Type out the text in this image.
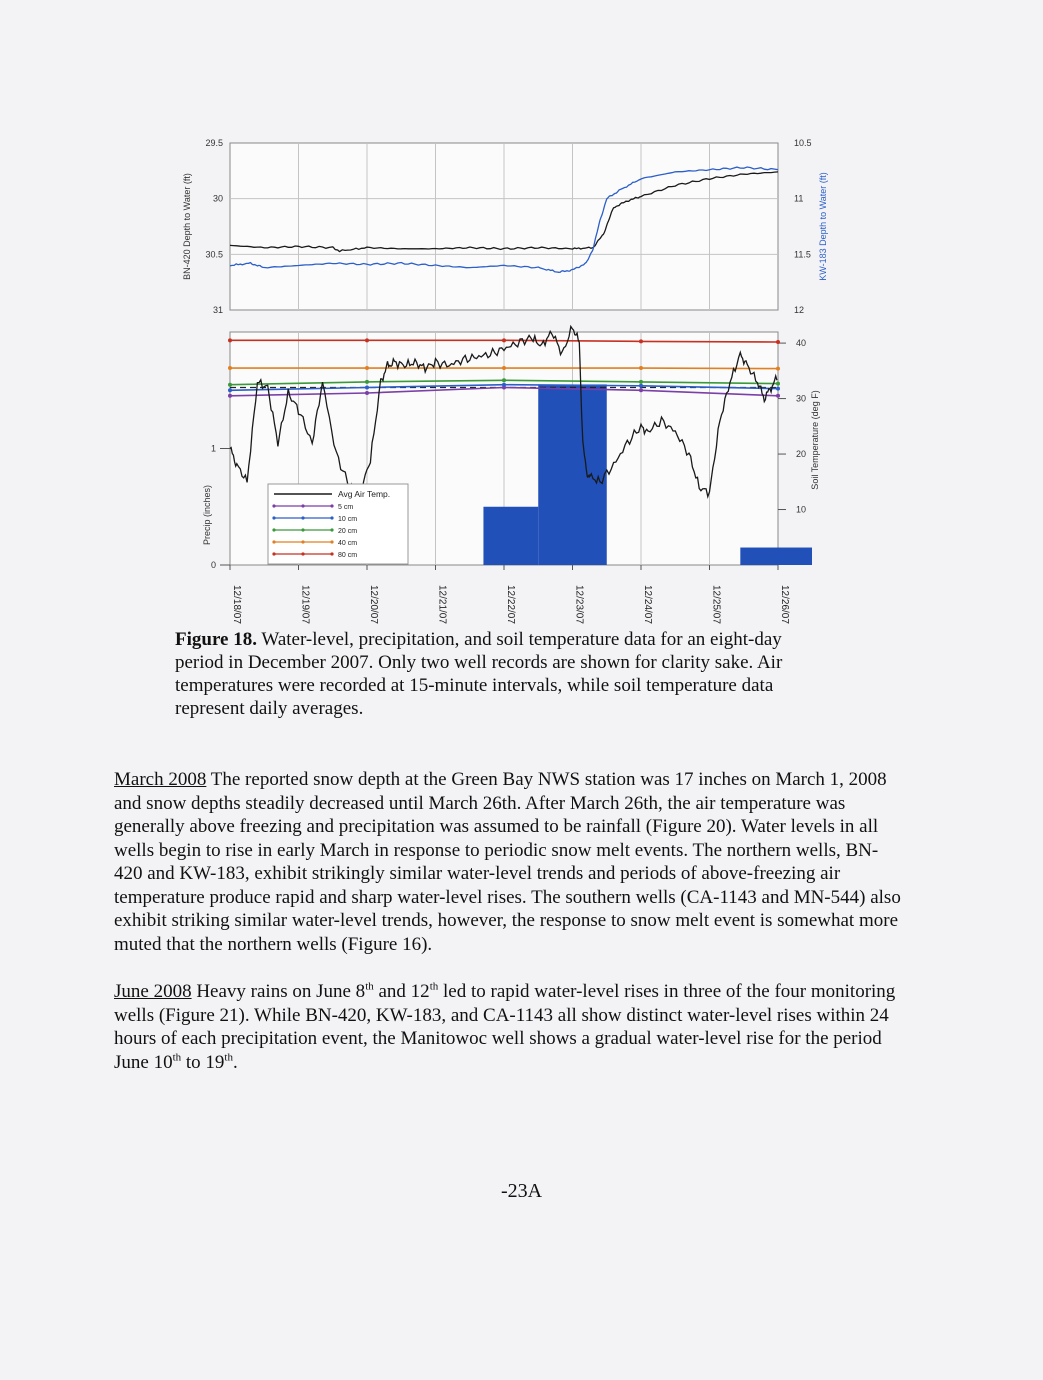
29.5
30
30.5
31
10.5
11
11.5
12
BN-420 Depth to Water (ft)	KW-183 Depth to Water (ft)
0
1
10
20
30
40
Precip (inches)
Soil Temperature (deg F)
Avg Air Temp.
5 cm
10 cm
20 cm
40 cm
80 cm
12/18/07	12/19/07	12/20/07	12/21/07	12/22/07	12/23/07	12/24/07	12/25/07	12/26/07
Figure 18. Water-level, precipitation, and soil temperature data for an eight-day period in December 2007. Only two well records are shown for clarity sake. Air temperatures were recorded at 15-minute intervals, while soil temperature data represent daily averages.
March 2008 The reported snow depth at the Green Bay NWS station was 17 inches on March 1, 2008 and snow depths steadily decreased until March 26th. After March 26th, the air temperature was generally above freezing and precipitation was assumed to be rainfall (Figure 20). Water levels in all wells begin to rise in early March in response to periodic snow melt events. The northern wells, BN-420 and KW-183, exhibit strikingly similar water-level trends and periods of above-freezing air temperature produce rapid and sharp water-level rises. The southern wells (CA-1143 and MN-544) also exhibit striking similar water-level trends, however, the response to snow melt event is somewhat more muted that the northern wells (Figure 16).
June 2008 Heavy rains on June 8th and 12th led to rapid water-level rises in three of the four monitoring wells (Figure 21). While BN-420, KW-183, and CA-1143 all show distinct water-level rises within 24 hours of each precipitation event, the Manitowoc well shows a gradual water-level rise for the period June 10th to 19th.
-23A
